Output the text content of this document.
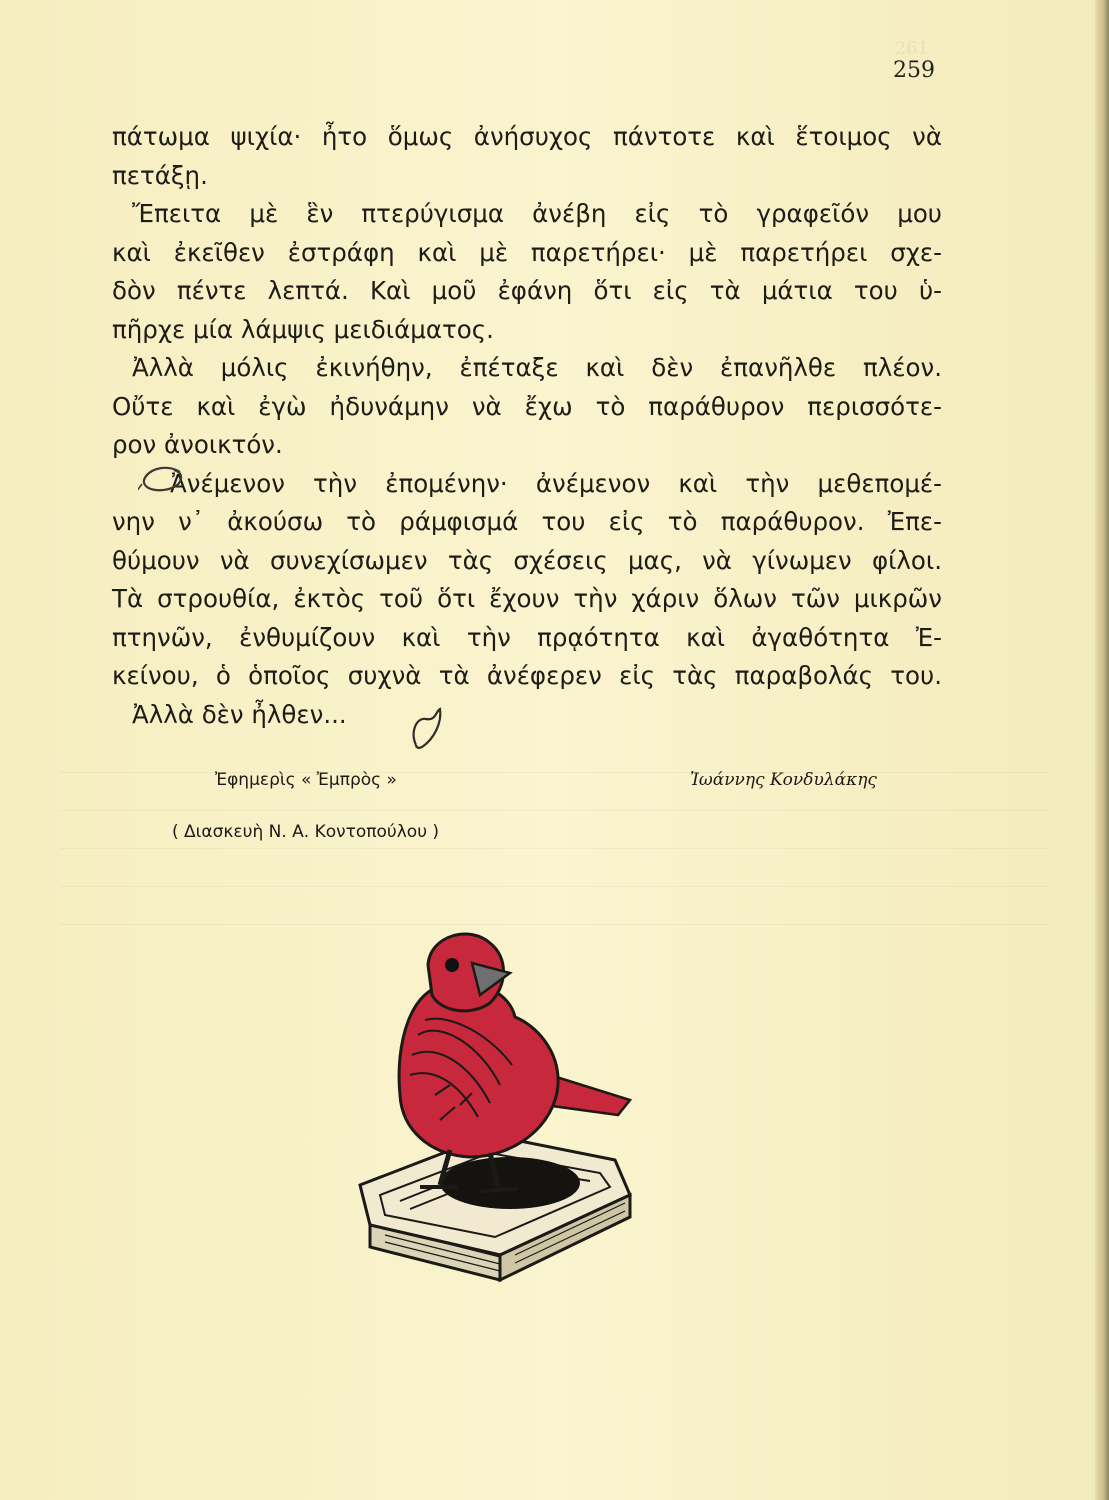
261
259
πάτωμα ψιχία· ἦτο ὅμως ἀνήσυχος πάντοτε καὶ ἕτοιμος νὰ
πετάξῃ.
Ἔπειτα μὲ ἓν πτερύγισμα ἀνέβη εἰς τὸ γραφεῖόν μου
καὶ ἐκεῖθεν ἐστράφη καὶ μὲ παρετήρει· μὲ παρετήρει σχε-
δὸν πέντε λεπτά. Καὶ μοῦ ἐφάνη ὅτι εἰς τὰ μάτια του ὑ-
πῆρχε μία λάμψις μειδιάματος.
Ἀλλὰ μόλις ἐκινήθην, ἐπέταξε καὶ δὲν ἐπανῆλθε πλέον.
Οὔτε καὶ ἐγὼ ἠδυνάμην νὰ ἔχω τὸ παράθυρον περισσότε-
ρον ἀνοικτόν.
Ἀνέμενον τὴν ἐπομένην· ἀνέμενον καὶ τὴν μεθεπομέ-
νην ν᾿ ἀκούσω τὸ ράμφισμά του εἰς τὸ παράθυρον. Ἐπε-
θύμουν νὰ συνεχίσωμεν τὰς σχέσεις μας, νὰ γίνωμεν φίλοι.
Τὰ στρουθία, ἐκτὸς τοῦ ὅτι ἔχουν τὴν χάριν ὅλων τῶν μικρῶν
πτηνῶν, ἐνθυμίζουν καὶ τὴν πρᾳότητα καὶ ἀγαθότητα Ἐ-
κείνου, ὁ ὁποῖος συχνὰ τὰ ἀνέφερεν εἰς τὰς παραβολάς του.
Ἀλλὰ δὲν ἦλθεν...
Ἐφημερὶς « Ἐμπρὸς »	Ἰωάννης Κονδυλάκης
( Διασκευὴ Ν. Α. Κοντοπούλου )
